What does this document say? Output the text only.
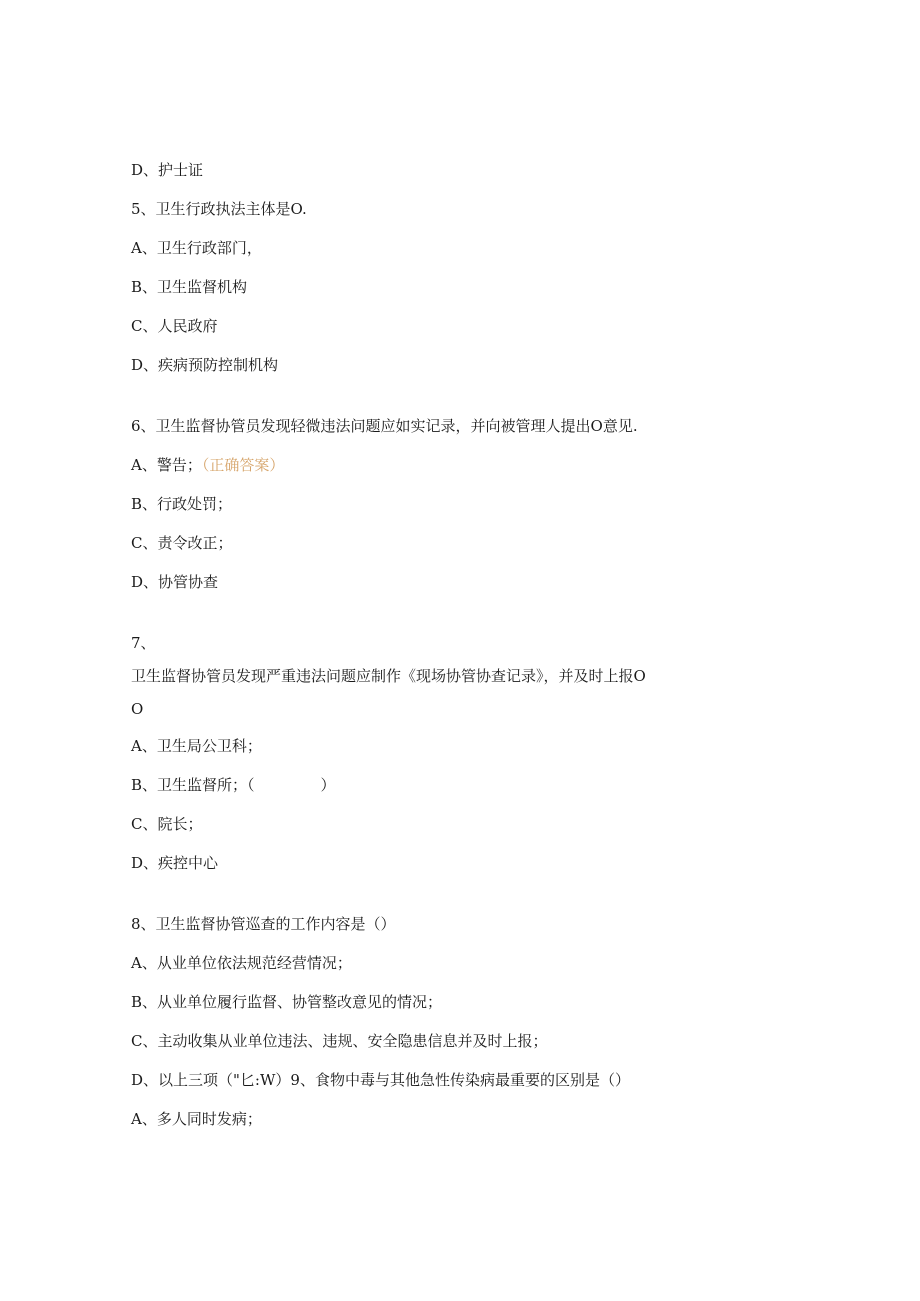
D、护士证
5、卫生行政执法主体是O.
A、卫生行政部门，
B、卫生监督机构
C、人民政府
D、疾病预防控制机构
6、卫生监督协管员发现轻微违法问题应如实记录，并向被管理人提出O意见.
A、警告；（正确答案）
B、行政处罚；
C、责令改正；
D、协管协查
7、
卫生监督协管员发现严重违法问题应制作《现场协管协查记录》，并及时上报O
O
A、卫生局公卫科；
B、卫生监督所；（	）
C、院长；
D、疾控中心
8、卫生监督协管巡查的工作内容是（）
A、从业单位依法规范经营情况；
B、从业单位履行监督、协管整改意见的情况；
C、主动收集从业单位违法、违规、安全隐患信息并及时上报；
D、以上三项（"匕:W）9、食物中毒与其他急性传染病最重要的区别是（）
A、多人同时发病；
